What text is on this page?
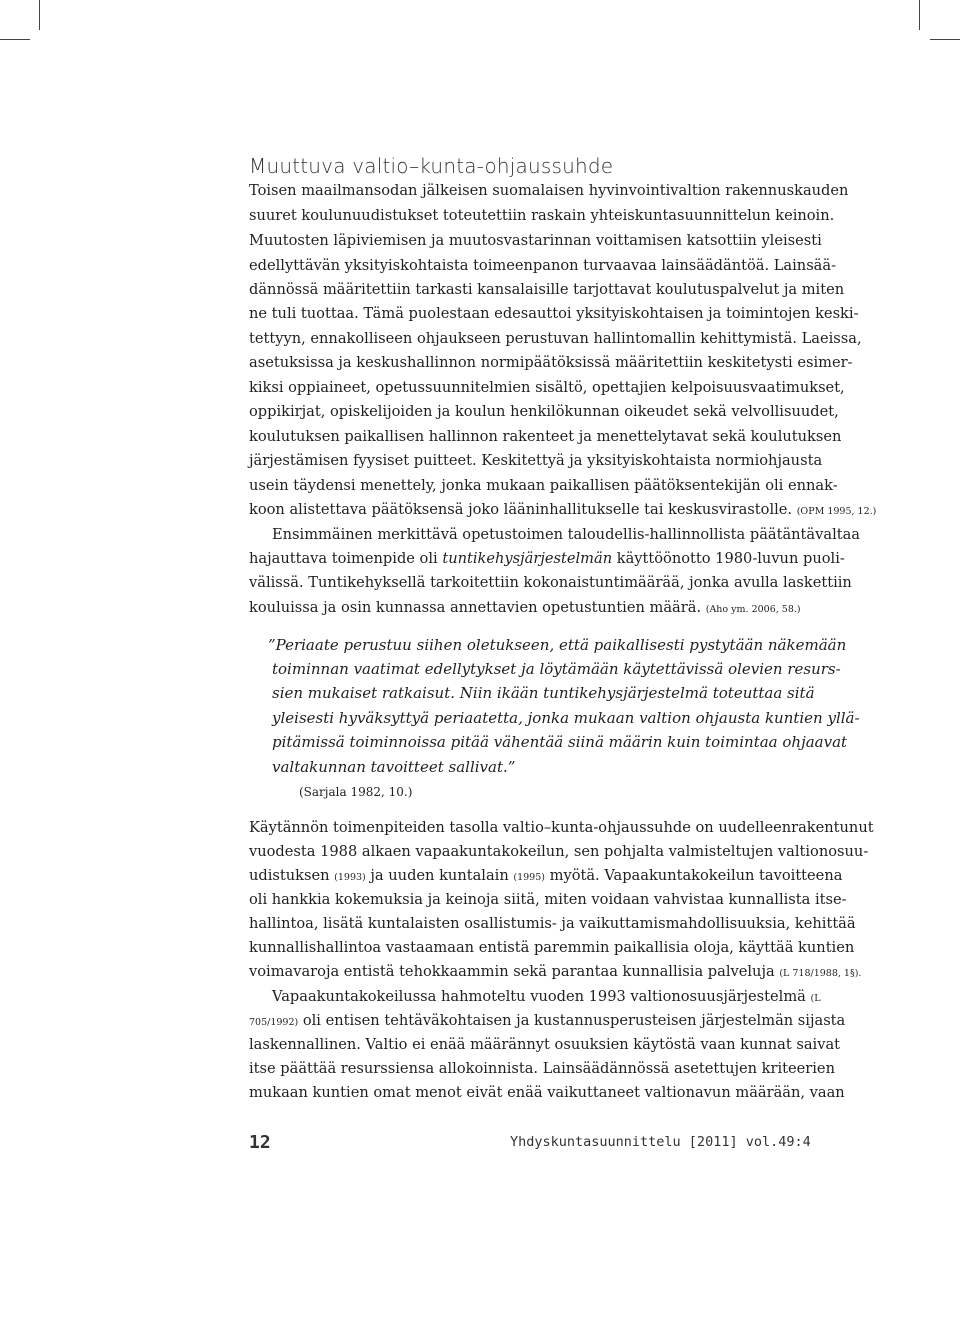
Muuttuva valtio–kunta-ohjaussuhde
Toisen maailmansodan jälkeisen suomalaisen hyvinvointivaltion rakennuskauden
suuret koulunuudistukset toteutettiin raskain yhteiskuntasuunnittelun keinoin.
Muutosten läpiviemisen ja muutosvastarinnan voittamisen katsottiin yleisesti
edellyttävän yksityiskohtaista toimeenpanon turvaavaa lainsäädäntöä. Lainsää-
dännössä määritettiin tarkasti kansalaisille tarjottavat koulutuspalvelut ja miten
ne tuli tuottaa. Tämä puolestaan edesauttoi yksityiskohtaisen ja toimintojen keski-
tettyyn, ennakolliseen ohjaukseen perustuvan hallintomallin kehittymistä. Laeissa,
asetuksissa ja keskushallinnon normipäätöksissä määritettiin keskitetysti esimer-
kiksi oppiaineet, opetussuunnitelmien sisältö, opettajien kelpoisuusvaatimukset,
oppikirjat, opiskelijoiden ja koulun henkilökunnan oikeudet sekä velvollisuudet,
koulutuksen paikallisen hallinnon rakenteet ja menettelytavat sekä koulutuksen
järjestämisen fyysiset puitteet. Keskitettyä ja yksityiskohtaista normiohjausta
usein täydensi menettely, jonka mukaan paikallisen päätöksentekijän oli ennak-
koon alistettava päätöksensä joko lääninhallitukselle tai keskusvirastolle. (OPM 1995, 12.)
Ensimmäinen merkittävä opetustoimen taloudellis-hallinnollista päätäntävaltaa
hajauttava toimenpide oli tuntikehysjärjestelmän käyttöönotto 1980-luvun puoli-
välissä. Tuntikehyksellä tarkoitettiin kokonaistuntimäärää, jonka avulla laskettiin
kouluissa ja osin kunnassa annettavien opetustuntien määrä. (Aho ym. 2006, 58.)
”Periaate perustuu siihen oletukseen, että paikallisesti pystytään näkemään
toiminnan vaatimat edellytykset ja löytämään käytettävissä olevien resurs-
sien mukaiset ratkaisut. Niin ikään tuntikehysjärjestelmä toteuttaa sitä
yleisesti hyväksyttyä periaatetta, jonka mukaan valtion ohjausta kuntien yllä-
pitämissä toiminnoissa pitää vähentää siinä määrin kuin toimintaa ohjaavat
valtakunnan tavoitteet sallivat.”
(Sarjala 1982, 10.)
Käytännön toimenpiteiden tasolla valtio–kunta-ohjaussuhde on uudelleenrakentunut
vuodesta 1988 alkaen vapaakuntakokeilun, sen pohjalta valmisteltujen valtionosuu-
udistuksen (1993) ja uuden kuntalain (1995) myötä. Vapaakuntakokeilun tavoitteena
oli hankkia kokemuksia ja keinoja siitä, miten voidaan vahvistaa kunnallista itse-
hallintoa, lisätä kuntalaisten osallistumis- ja vaikuttamismahdollisuuksia, kehittää
kunnallishallintoa vastaamaan entistä paremmin paikallisia oloja, käyttää kuntien
voimavaroja entistä tehokkaammin sekä parantaa kunnallisia palveluja (L 718/1988, 1§).
Vapaakuntakokeilussa hahmoteltu vuoden 1993 valtionosuusjärjestelmä (L
705/1992) oli entisen tehtäväkohtaisen ja kustannusperusteisen järjestelmän sijasta
laskennallinen. Valtio ei enää määrännyt osuuksien käytöstä vaan kunnat saivat
itse päättää resurssiensa allokoinnista. Lainsäädännössä asetettujen kriteerien
mukaan kuntien omat menot eivät enää vaikuttaneet valtionavun määrään, vaan
12	Yhdyskuntasuunnittelu [2011] vol.49:4
